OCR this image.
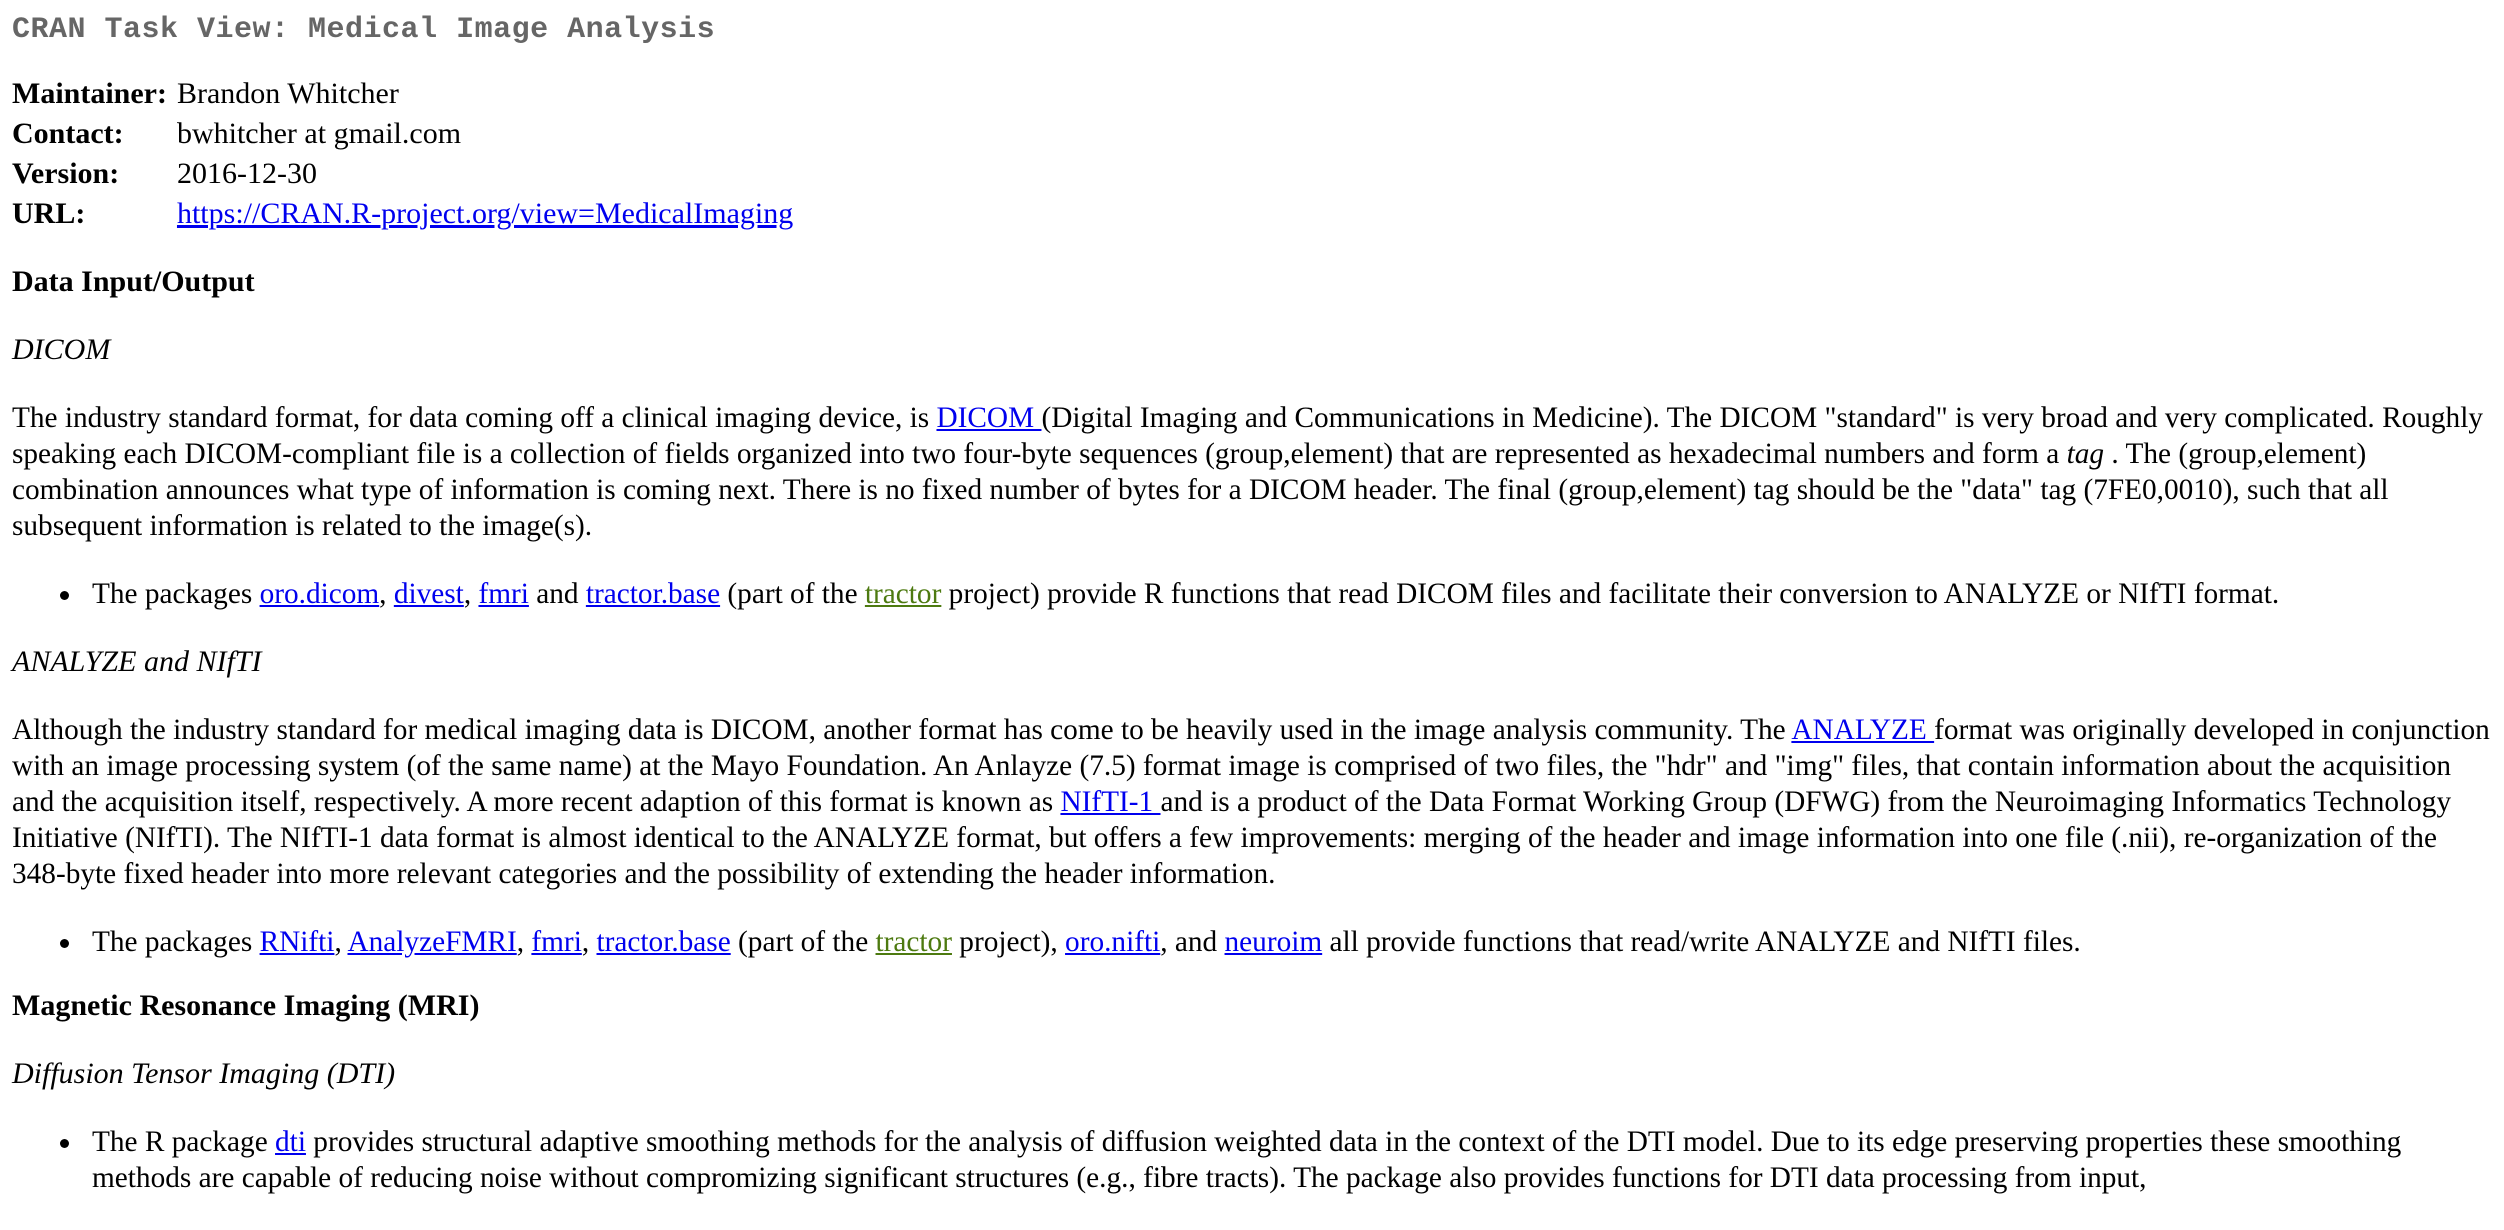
CRAN Task View: Medical Image Analysis
Maintainer:	Brandon Whitcher
Contact:	bwhitcher at gmail.com
Version:	2016-12-30
URL:	https://CRAN.R-project.org/view=MedicalImaging
Data Input/Output
DICOM

The industry standard format, for data coming off a clinical imaging device, is DICOM (Digital Imaging and Communications in Medicine). The DICOM "standard" is very broad and very complicated. Roughly speaking each DICOM-compliant file is a collection of fields organized into two four-byte sequences (group,element) that are represented as hexadecimal numbers and form a tag . The (group,element) combination announces what type of information is coming next. There is no fixed number of bytes for a DICOM header. The final (group,element) tag should be the "data" tag (7FE0,0010), such that all subsequent information is related to the image(s).

The packages oro.dicom, divest, fmri and tractor.base (part of the tractor project) provide R functions that read DICOM files and facilitate their conversion to ANALYZE or NIfTI format.
ANALYZE and NIfTI

Although the industry standard for medical imaging data is DICOM, another format has come to be heavily used in the image analysis community. The ANALYZE format was originally developed in conjunction with an image processing system (of the same name) at the Mayo Foundation. An Anlayze (7.5) format image is comprised of two files, the "hdr" and "img" files, that contain information about the acquisition and the acquisition itself, respectively. A more recent adaption of this format is known as NIfTI-1 and is a product of the Data Format Working Group (DFWG) from the Neuroimaging Informatics Technology Initiative (NIfTI). The NIfTI-1 data format is almost identical to the ANALYZE format, but offers a few improvements: merging of the header and image information into one file (.nii), re-organization of the 348-byte fixed header into more relevant categories and the possibility of extending the header information.

The packages RNifti, AnalyzeFMRI, fmri, tractor.base (part of the tractor project), oro.nifti, and neuroim all provide functions that read/write ANALYZE and NIfTI files.
Magnetic Resonance Imaging (MRI)
Diffusion Tensor Imaging (DTI)
The R package dti provides structural adaptive smoothing methods for the analysis of diffusion weighted data in the context of the DTI model. Due to its edge preserving properties these smoothing methods are capable of reducing noise without compromizing significant structures (e.g., fibre tracts). The package also provides functions for DTI data processing from input,
